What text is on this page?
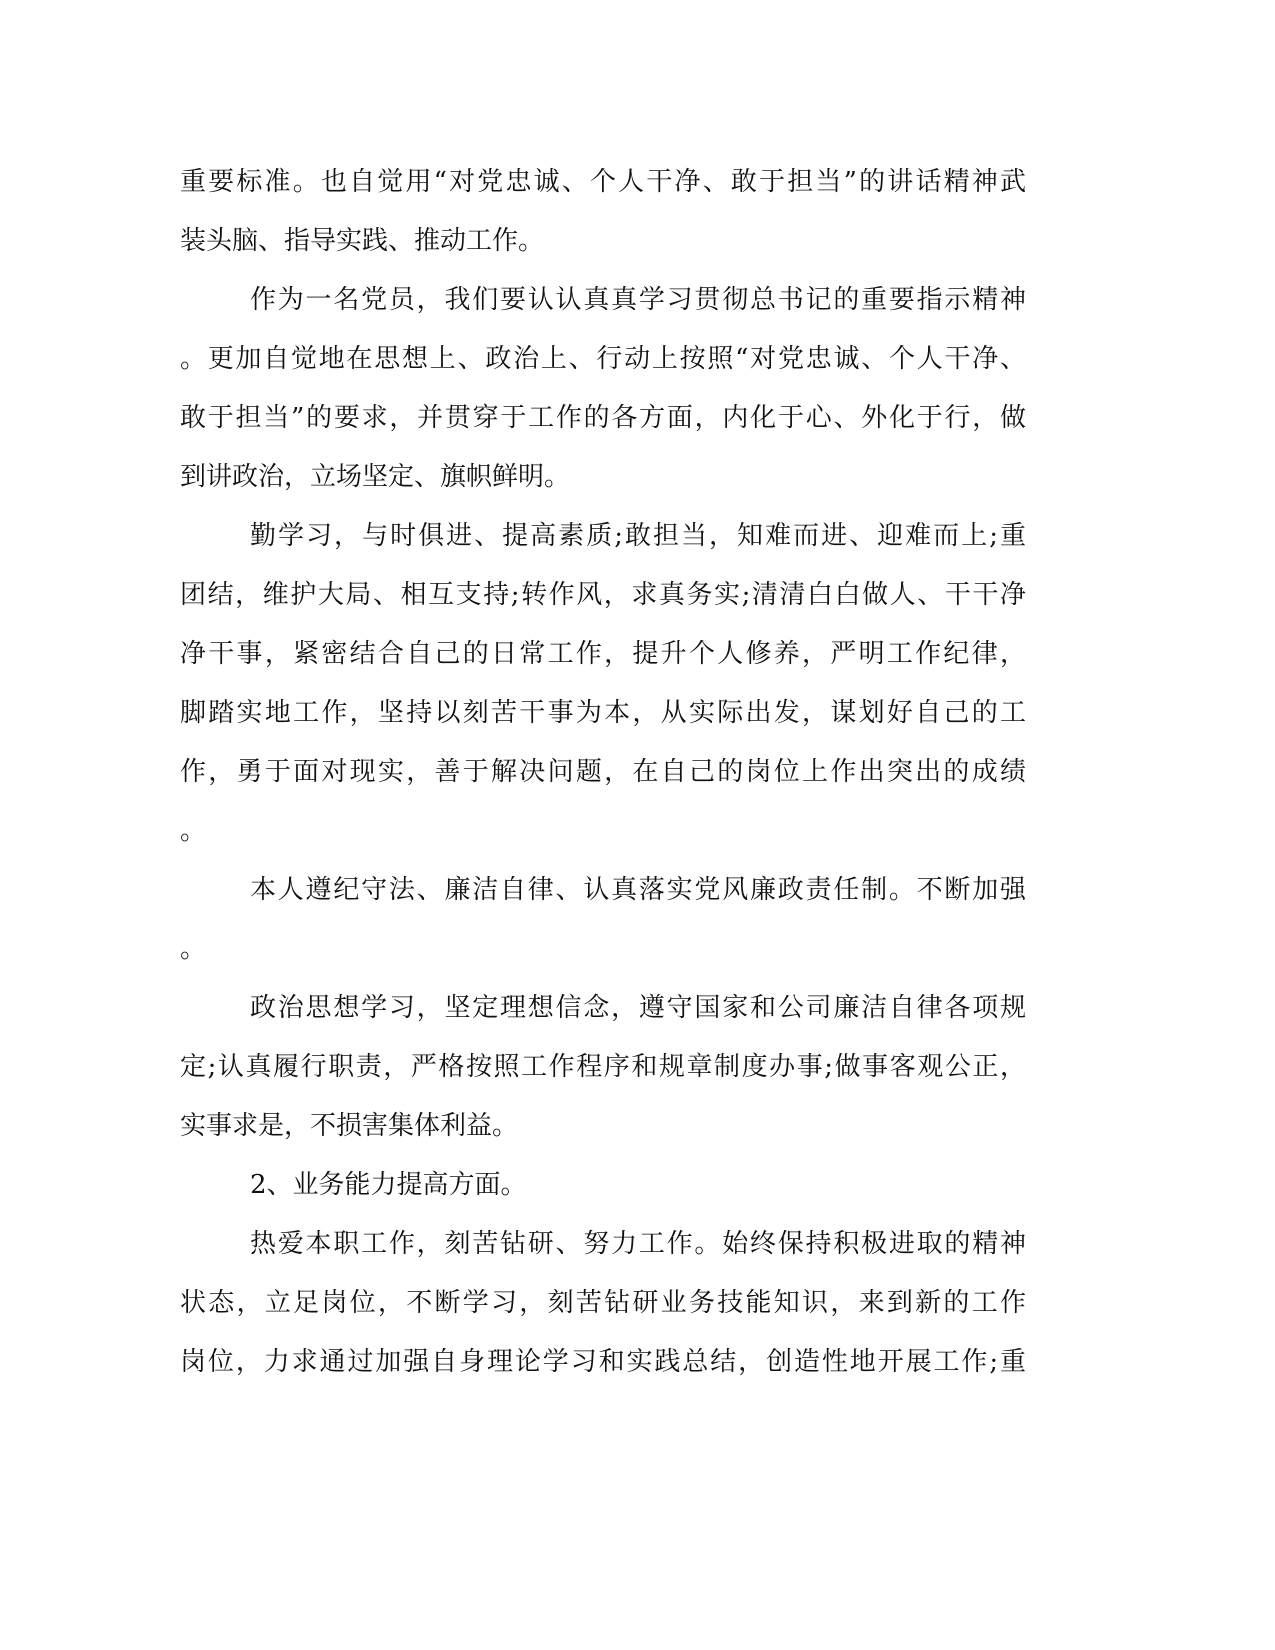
重要标准。也自觉用“对党忠诚、个人干净、敢于担当”的讲话精神武
装头脑、指导实践、推动工作。
作为一名党员，我们要认认真真学习贯彻总书记的重要指示精神
。更加自觉地在思想上、政治上、行动上按照“对党忠诚、个人干净、
敢于担当”的要求，并贯穿于工作的各方面，内化于心、外化于行，做
到讲政治，立场坚定、旗帜鲜明。
勤学习，与时俱进、提高素质;敢担当，知难而进、迎难而上;重
团结，维护大局、相互支持;转作风，求真务实;清清白白做人、干干净
净干事，紧密结合自己的日常工作，提升个人修养，严明工作纪律，
脚踏实地工作，坚持以刻苦干事为本，从实际出发，谋划好自己的工
作，勇于面对现实，善于解决问题，在自己的岗位上作出突出的成绩
。
本人遵纪守法、廉洁自律、认真落实党风廉政责任制。不断加强
。
政治思想学习，坚定理想信念，遵守国家和公司廉洁自律各项规
定;认真履行职责，严格按照工作程序和规章制度办事;做事客观公正，
实事求是，不损害集体利益。
2、业务能力提高方面。
热爱本职工作，刻苦钻研、努力工作。始终保持积极进取的精神
状态，立足岗位，不断学习，刻苦钻研业务技能知识，来到新的工作
岗位，力求通过加强自身理论学习和实践总结，创造性地开展工作;重
